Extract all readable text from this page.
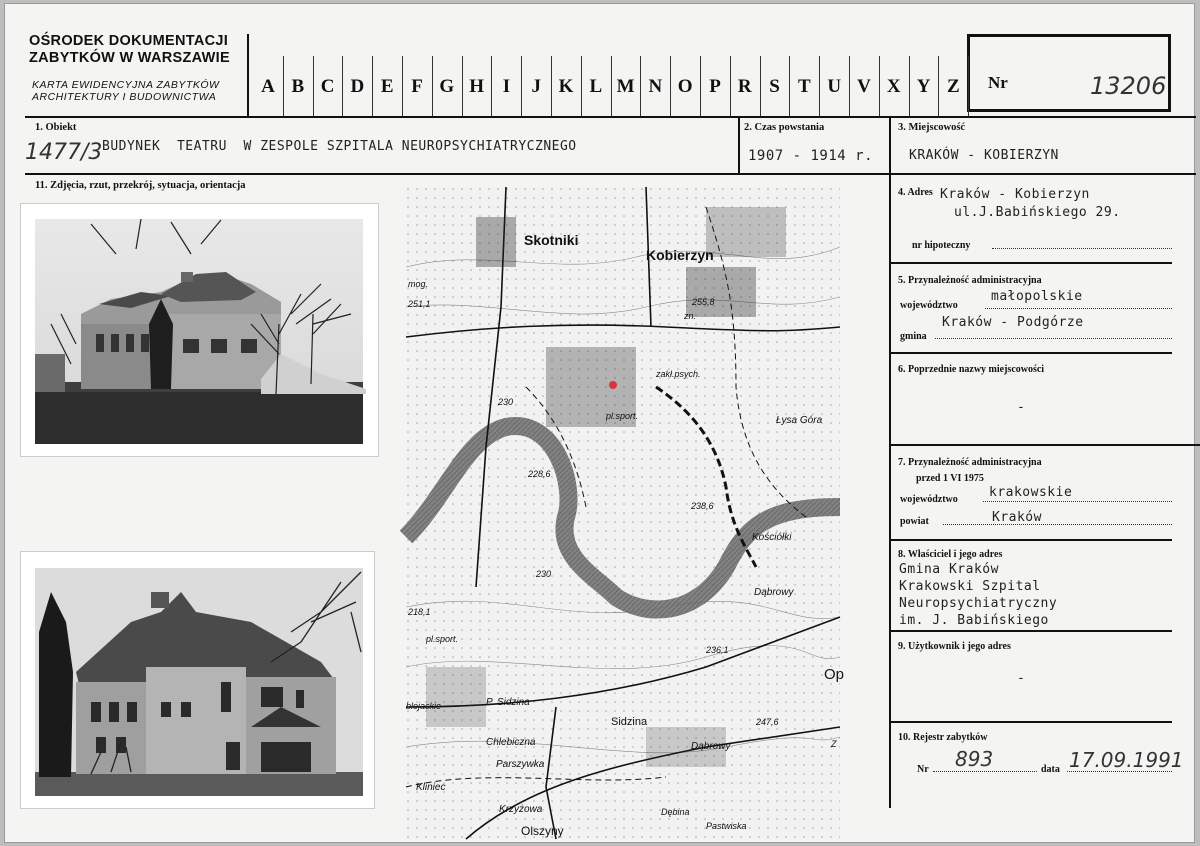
OŚRODEK DOKUMENTACJI
ZABYTKÓW W WARSZAWIE
KARTA EWIDENCYJNA ZABYTKÓW
ARCHITEKTURY I BUDOWNICTWA
Nr	13206
1. Obiekt
1477/3 BUDYNEK  TEATRU  W ZESPOLE SZPITALA NEUROPSYCHIATRYCZNEGO
2. Czas powstania
1907 - 1914 r.
3. Miejscowość
KRAKÓW - KOBIERZYN
11. Zdjęcia, rzut, przekrój, sytuacja, orientacja
Skotniki
Kobierzyn
mog.
251,1	255,8
zn.
zakł.psych.
pl.sport.	Łysa Góra
228,6
238,6
Kościółki
Dąbrowy
218,1
pl.sport.
236,1
Op
blejackie	P. Sidzina
Sidzina	247,6
Chlebiczna
Parszywka
Dąbrowy
Kliniec
Krzyżowa	Dębina
Pastwiska
Olszyny
230
230
Z
4. Adres Kraków - Kobierzyn
ul.J.Babińskiego 29.
nr hipoteczny
5. Przynależność administracyjna
województwo
małopolskie
gmina
Kraków - Podgórze
6. Poprzednie nazwy miejscowości
-
7. Przynależność administracyjna
przed 1 VI 1975
województwo krakowskie
powiat	Kraków
8. Właściciel i jego adres
Gmina Kraków
Krakowski Szpital
Neuropsychiatryczny
im. J. Babińskiego
9. Użytkownik i jego adres
-
10. Rejestr zabytków
Nr 893	data 17.09.1991
A B C D E F G H I	J K L M N O P R S T U V X Y Z
